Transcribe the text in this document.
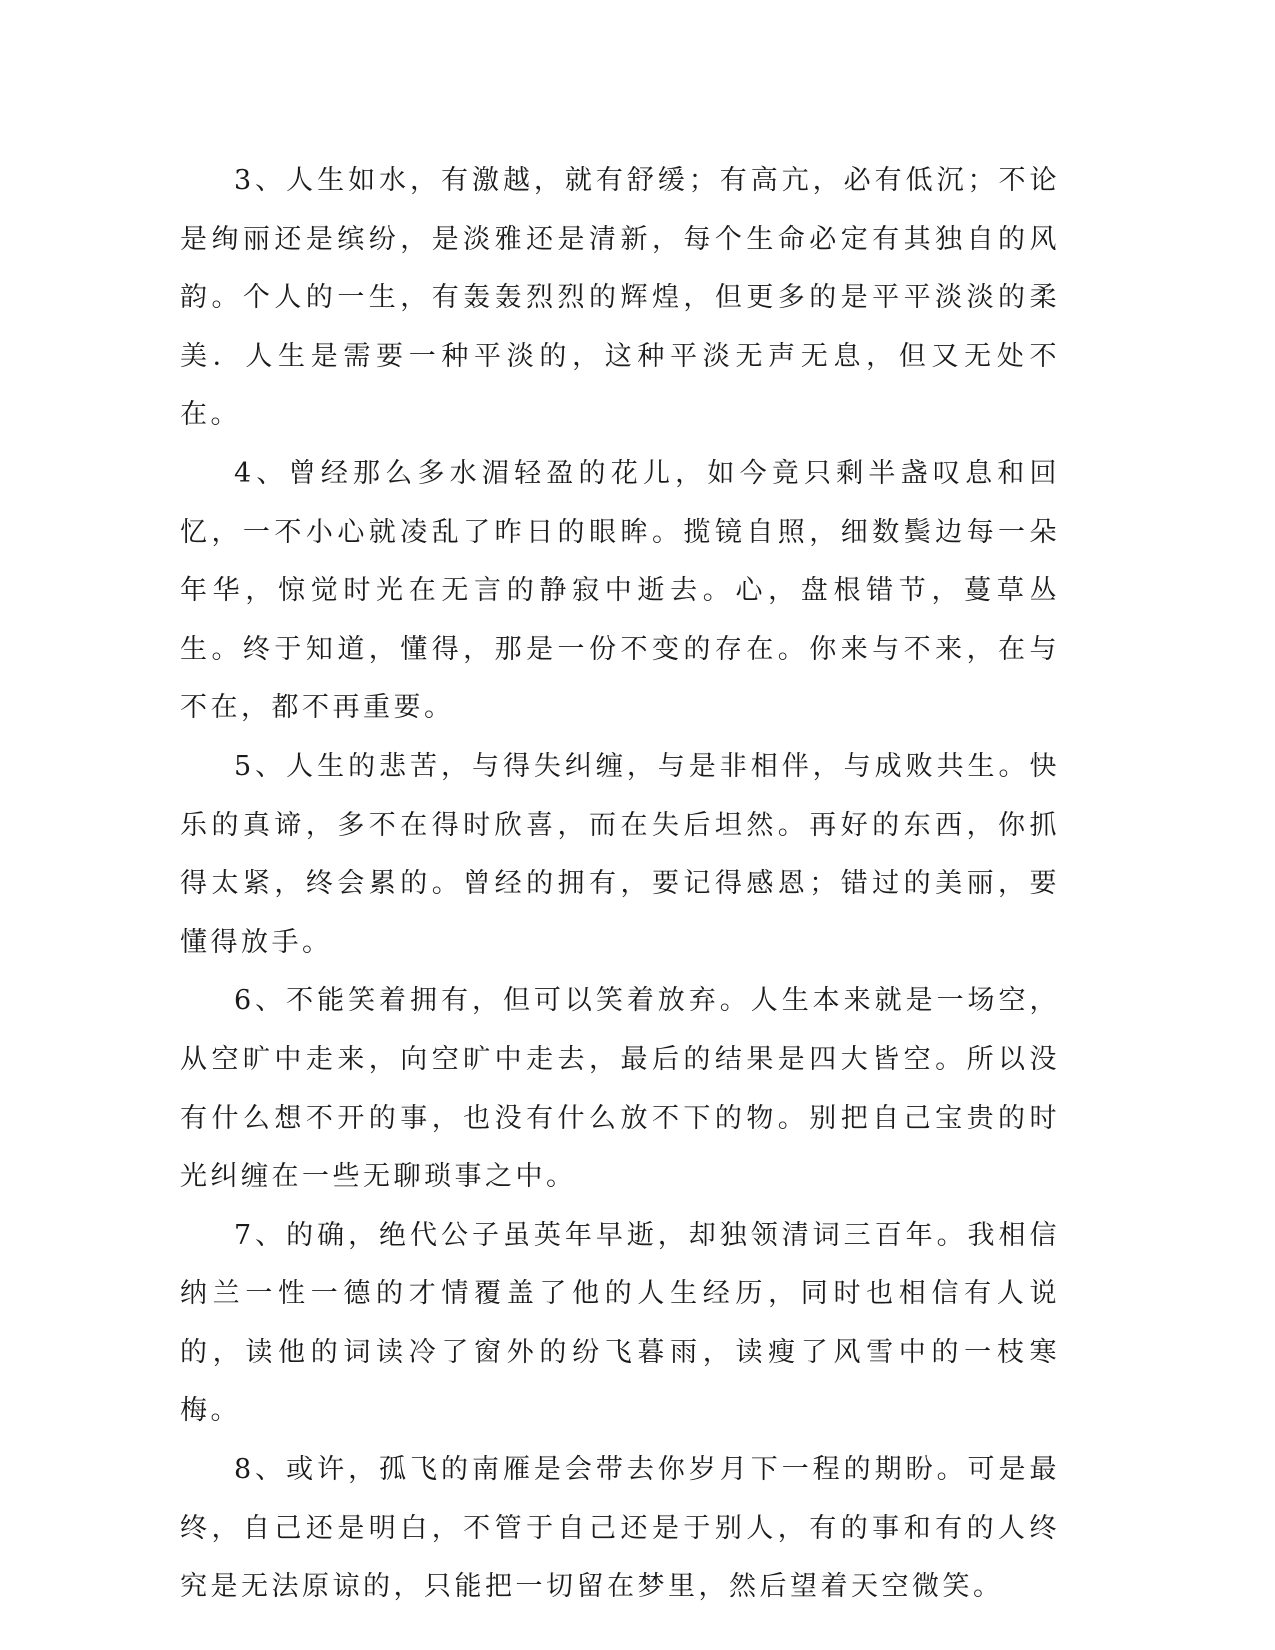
3、人生如水，有激越，就有舒缓；有高亢，必有低沉；不论是绚丽还是缤纷，是淡雅还是清新，每个生命必定有其独自的风韵。个人的一生，有轰轰烈烈的辉煌，但更多的是平平淡淡的柔美．人生是需要一种平淡的，这种平淡无声无息，但又无处不在。

4、曾经那么多水湄轻盈的花儿，如今竟只剩半盏叹息和回忆，一不小心就凌乱了昨日的眼眸。揽镜自照，细数鬓边每一朵年华，惊觉时光在无言的静寂中逝去。心，盘根错节，蔓草丛生。终于知道，懂得，那是一份不变的存在。你来与不来，在与不在，都不再重要。

5、人生的悲苦，与得失纠缠，与是非相伴，与成败共生。快乐的真谛，多不在得时欣喜，而在失后坦然。再好的东西，你抓得太紧，终会累的。曾经的拥有，要记得感恩；错过的美丽，要懂得放手。

6、不能笑着拥有，但可以笑着放弃。人生本来就是一场空，从空旷中走来，向空旷中走去，最后的结果是四大皆空。所以没有什么想不开的事，也没有什么放不下的物。别把自己宝贵的时光纠缠在一些无聊琐事之中。

7、的确，绝代公子虽英年早逝，却独领清词三百年。我相信纳兰一性一德的才情覆盖了他的人生经历，同时也相信有人说的，读他的词读冷了窗外的纷飞暮雨，读瘦了风雪中的一枝寒梅。

8、或许，孤飞的南雁是会带去你岁月下一程的期盼。可是最终，自己还是明白，不管于自己还是于别人，有的事和有的人终究是无法原谅的，只能把一切留在梦里，然后望着天空微笑。
